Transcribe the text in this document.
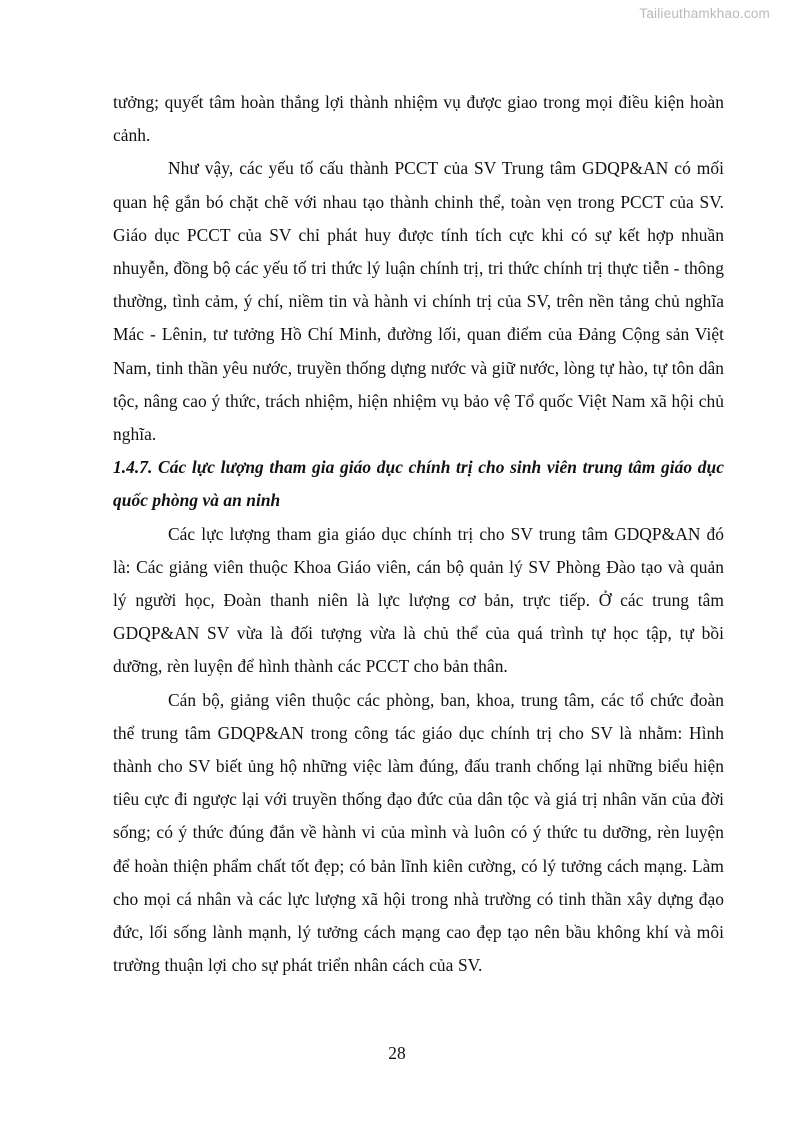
Tailieuthamkhao.com

tưởng; quyết tâm hoàn thắng lợi thành nhiệm vụ được giao trong mọi điều kiện hoàn cảnh.

Như vậy, các yếu tố cấu thành PCCT của SV Trung tâm GDQP&AN có mối quan hệ gắn bó chặt chẽ với nhau tạo thành chinh thể, toàn vẹn trong PCCT của SV. Giáo dục PCCT của SV chỉ phát huy được tính tích cực khi có sự kết hợp nhuần nhuyễn, đồng bộ các yếu tố tri thức lý luận chính trị, tri thức chính trị thực tiễn - thông thường, tình cảm, ý chí, niềm tin và hành vi chính trị của SV, trên nền tảng chủ nghĩa Mác - Lênin, tư tưởng Hồ Chí Minh, đường lối, quan điểm của Đảng Cộng sản Việt Nam, tinh thần yêu nước, truyền thống dựng nước và giữ nước, lòng tự hào, tự tôn dân tộc, nâng cao ý thức, trách nhiệm, hiện nhiệm vụ bảo vệ Tổ quốc Việt Nam xã hội chủ nghĩa.

1.4.7. Các lực lượng tham gia giáo dục chính trị cho sinh viên trung tâm giáo dục quốc phòng và an ninh

Các lực lượng tham gia giáo dục chính trị cho SV trung tâm GDQP&AN đó là: Các giảng viên thuộc Khoa Giáo viên, cán bộ quản lý SV Phòng Đào tạo và quản lý người học, Đoàn thanh niên là lực lượng cơ bản, trực tiếp. Ở các trung tâm GDQP&AN SV vừa là đối tượng vừa là chủ thể của quá trình tự học tập, tự bồi dưỡng, rèn luyện để hình thành các PCCT cho bản thân.

Cán bộ, giảng viên thuộc các phòng, ban, khoa, trung tâm, các tổ chức đoàn thể trung tâm GDQP&AN trong công tác giáo dục chính trị cho SV là nhằm: Hình thành cho SV biết ủng hộ những việc làm đúng, đấu tranh chống lại những biểu hiện tiêu cực đi ngược lại với truyền thống đạo đức của dân tộc và giá trị nhân văn của đời sống; có ý thức đúng đắn về hành vi của mình và luôn có ý thức tu dưỡng, rèn luyện để hoàn thiện phẩm chất tốt đẹp; có bản lĩnh kiên cường, có lý tưởng cách mạng. Làm cho mọi cá nhân và các lực lượng xã hội trong nhà trường có tinh thần xây dựng đạo đức, lối sống lành mạnh, lý tưởng cách mạng cao đẹp tạo nên bầu không khí và môi trường thuận lợi cho sự phát triển nhân cách của SV.

28
